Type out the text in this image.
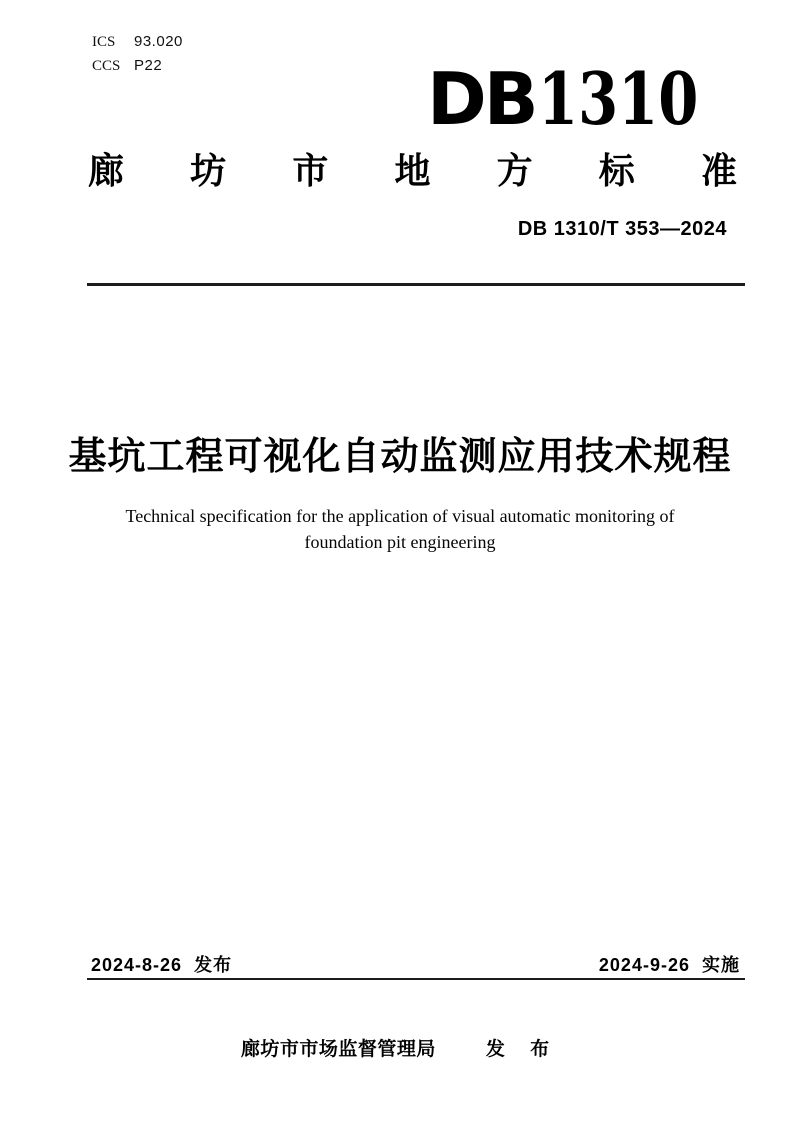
ICS	93.020
CCS P22	DB 1310
廊 坊 市 地 方 标 准
DB 1310/T 353—2024
基坑工程可视化自动监测应用技术规程
Technical specification for the application of visual automatic monitoring of
foundation pit engineering
2024-8-26 发布	2024-9-26 实施
廊坊市市场监督管理局	发 布
